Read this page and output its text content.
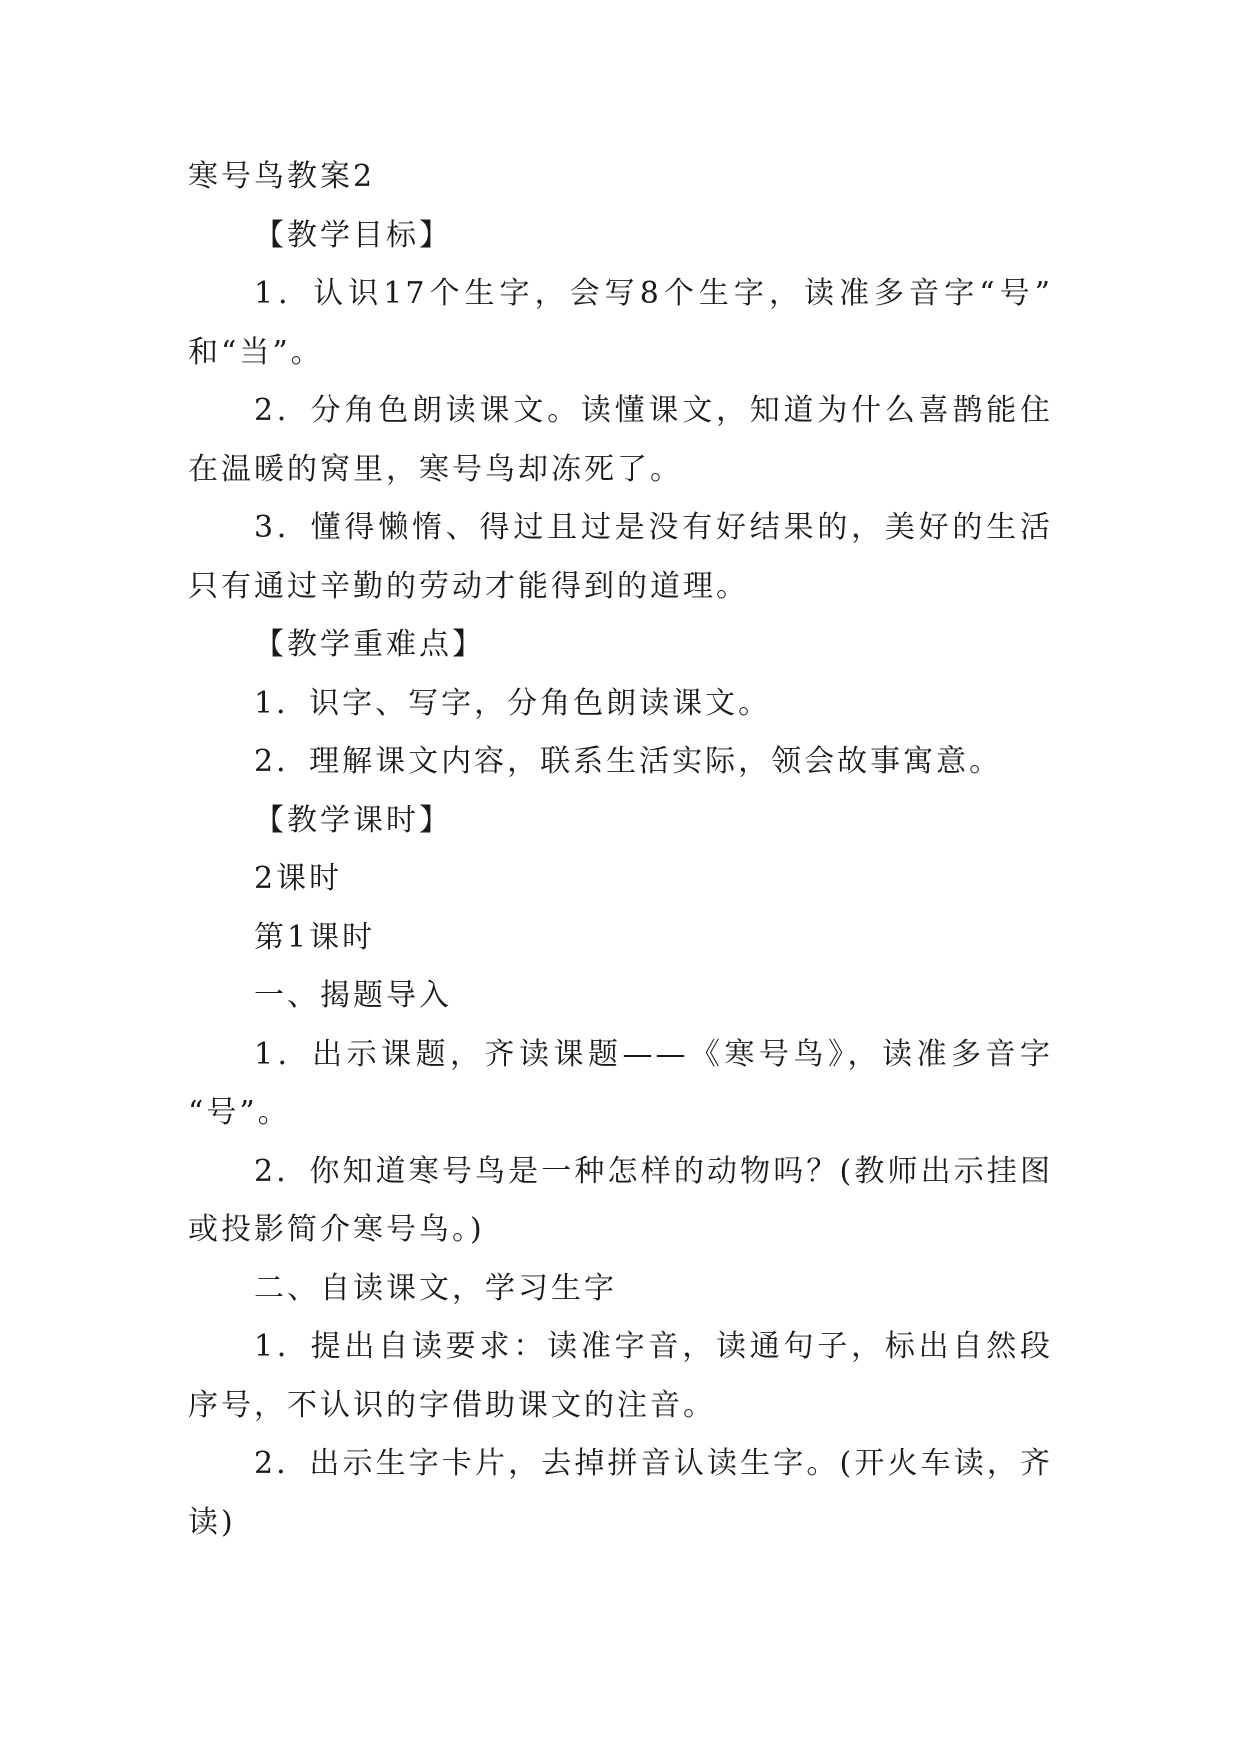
寒号鸟教案2
【教学目标】
1．认识17个生字，会写8个生字，读准多音字“号”
和“当”。
2．分角色朗读课文。读懂课文，知道为什么喜鹊能住
在温暖的窝里，寒号鸟却冻死了。
3．懂得懒惰、得过且过是没有好结果的，美好的生活
只有通过辛勤的劳动才能得到的道理。
【教学重难点】
1．识字、写字，分角色朗读课文。
2．理解课文内容，联系生活实际，领会故事寓意。
【教学课时】
2课时
第1课时
一、揭题导入
1．出示课题，齐读课题——《寒号鸟》，读准多音字
“号”。
2．你知道寒号鸟是一种怎样的动物吗？(教师出示挂图
或投影简介寒号鸟。)
二、自读课文，学习生字
1．提出自读要求：读准字音，读通句子，标出自然段
序号，不认识的字借助课文的注音。
2．出示生字卡片，去掉拼音认读生字。(开火车读，齐
读)
